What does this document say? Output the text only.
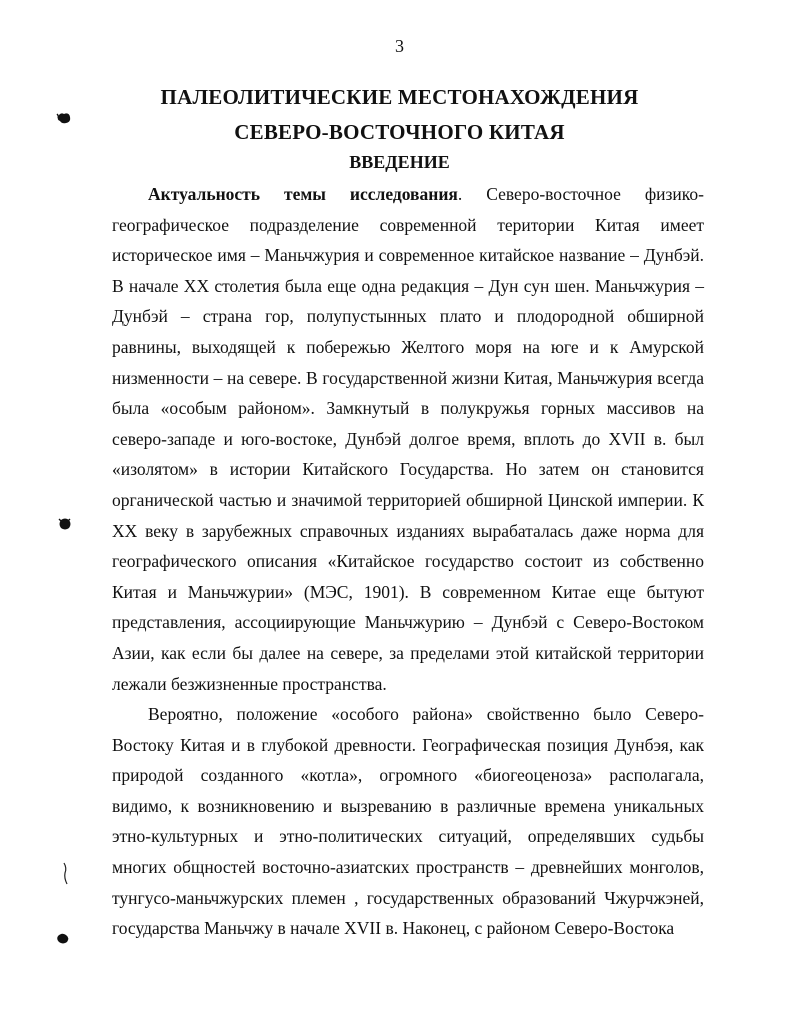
3
ПАЛЕОЛИТИЧЕСКИЕ МЕСТОНАХОЖДЕНИЯ
СЕВЕРО-ВОСТОЧНОГО КИТАЯ
ВВЕДЕНИЕ

Актуальность темы исследования. Северо-восточное физико-географическое подразделение современной територии Китая имеет историческое имя – Маньчжурия и современное китайское название – Дунбэй. В начале XX столетия была еще одна редакция – Дун сун шен. Маньчжурия – Дунбэй – страна гор, полупустынных плато и плодородной обширной равнины, выходящей к побережью Желтого моря на юге и к Амурской низменности – на севере. В государственной жизни Китая, Маньчжурия всегда была «особым районом». Замкнутый в полукружья горных массивов на северо-западе и юго-востоке, Дунбэй долгое время, вплоть до XVII в. был «изолятом» в истории Китайского Государства. Но затем он становится органической частью и значимой территорией обширной Цинской империи. К XX веку в зарубежных справочных изданиях вырабаталась даже норма для географического описания «Китайское государство состоит из собственно Китая и Маньчжурии» (МЭС, 1901). В современном Китае еще бытуют представления, ассоциирующие Маньчжурию – Дунбэй с Северо-Востоком Азии, как если бы далее на севере, за пределами этой китайской территории лежали безжизненные пространства.

Вероятно, положение «особого района» свойственно было Северо-Востоку Китая и в глубокой древности. Географическая позиция Дунбэя, как природой созданного «котла», огромного «биогеоценоза» располагала, видимо, к возникновению и вызреванию в различные времена уникальных этно-культурных и этно-политических ситуаций, определявших судьбы многих общностей восточно-азиатских пространств – древнейших монголов, тунгусо-маньчжурских племен , государственных образований Чжурчжэней, государства Маньчжу в начале XVII в. Наконец, с районом Северо-Востока
